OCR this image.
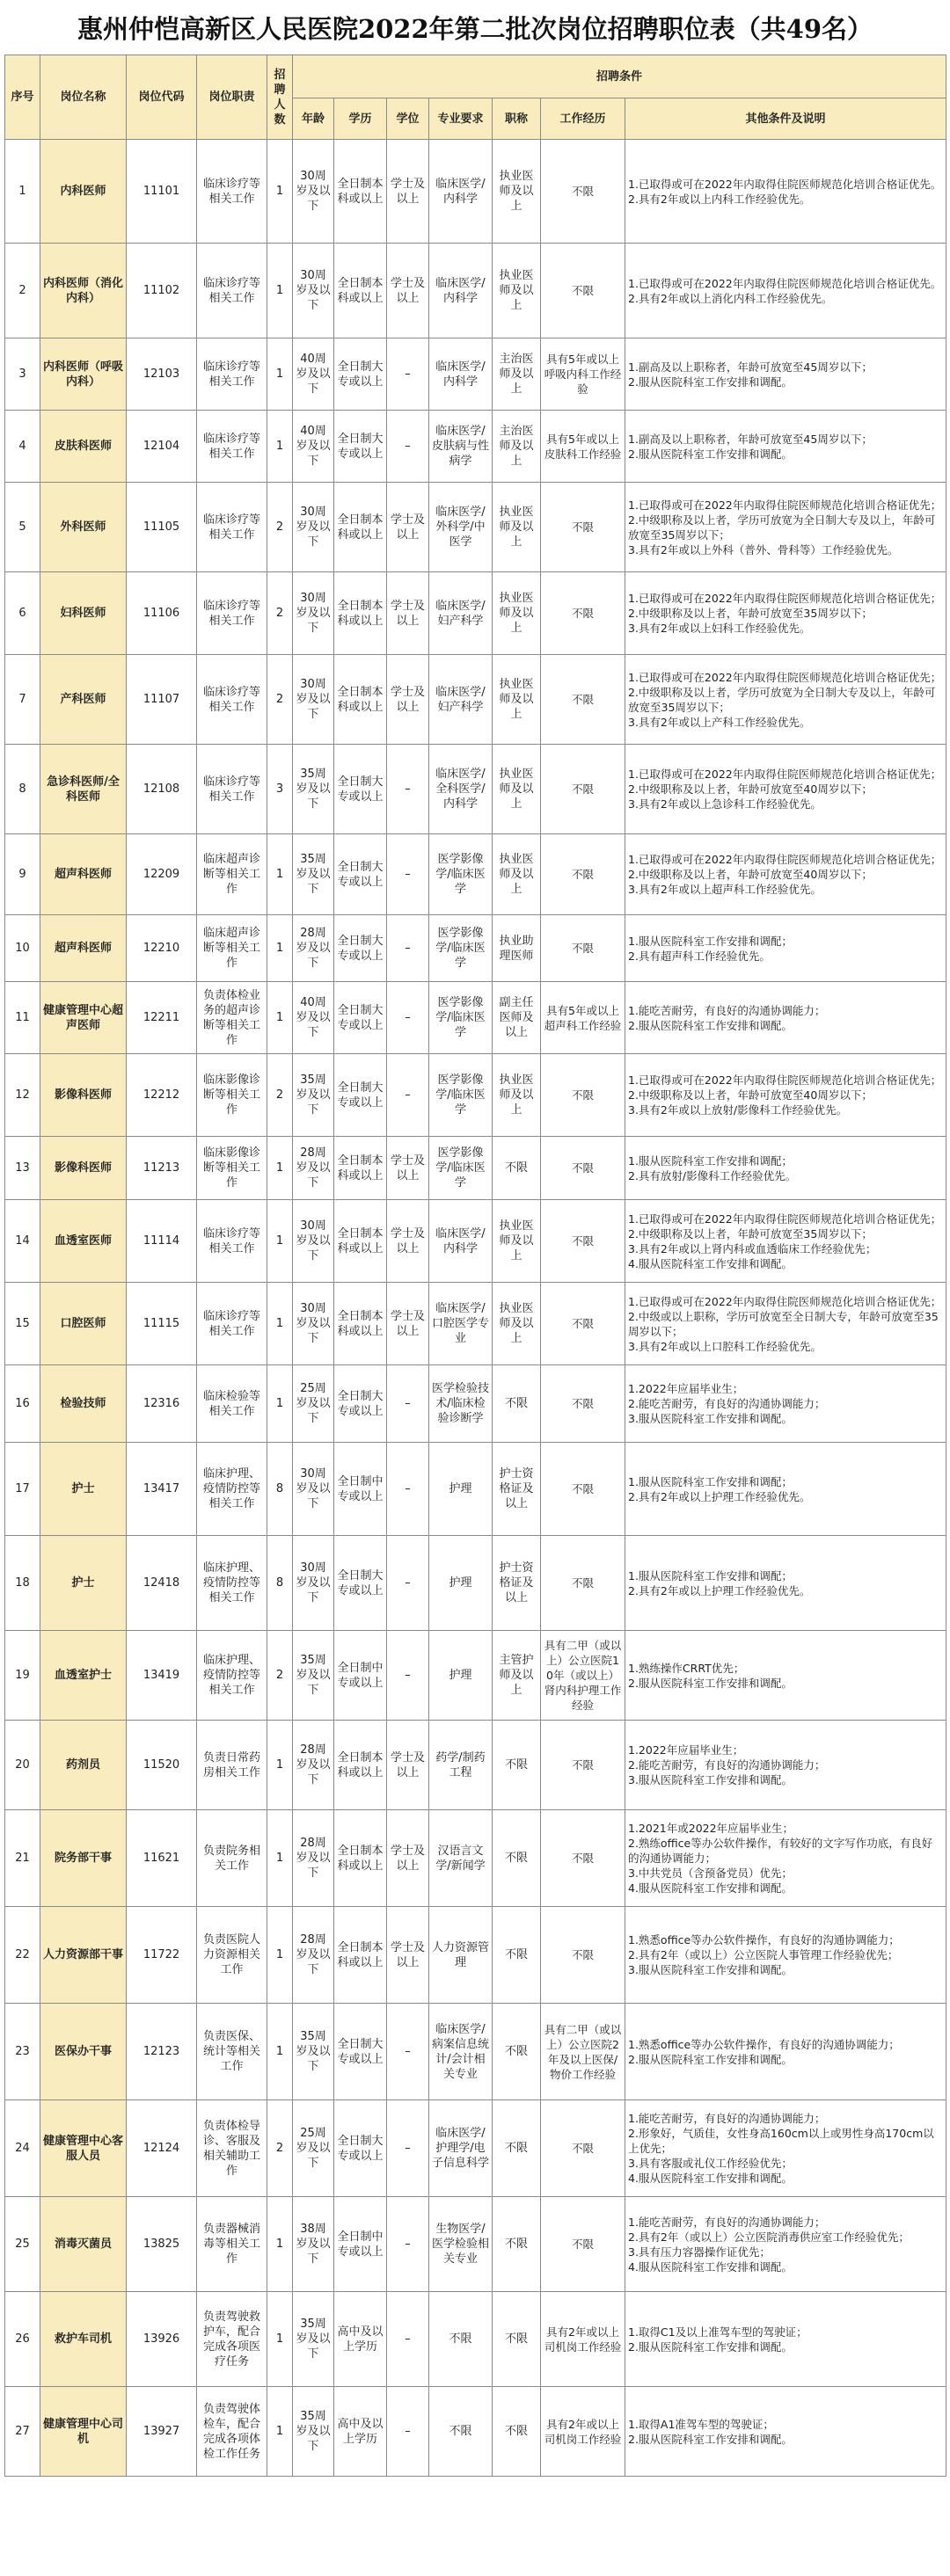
惠州仲恺高新区人民医院2022年第二批次岗位招聘职位表（共49名）
序号	岗位名称	岗位代码	岗位职责	招聘人数	招聘条件						
					年龄	学历	学位	专业要求	职称	工作经历	其他条件及说明
1	内科医师	11101	临床诊疗等相关工作	1	30周岁及以下	全日制本科或以上	学士及以上	临床医学/内科学	执业医师及以上	不限	1.已取得或可在2022年内取得住院医师规范化培训合格证优先。
2.具有2年或以上内科工作经验优先。
2	内科医师（消化内科）	11102	临床诊疗等相关工作	1	30周岁及以下	全日制本科或以上	学士及以上	临床医学/内科学	执业医师及以上	不限	1.已取得或可在2022年内取得住院医师规范化培训合格证优先。
2.具有2年或以上消化内科工作经验优先。
3	内科医师（呼吸内科）	12103	临床诊疗等相关工作	1	40周岁及以下	全日制大专或以上	–	临床医学/内科学	主治医师及以上	具有5年或以上呼吸内科工作经验	1.副高及以上职称者，年龄可放宽至45周岁以下；
2.服从医院科室工作安排和调配。
4	皮肤科医师	12104	临床诊疗等相关工作	1	40周岁及以下	全日制大专或以上	–	临床医学/皮肤病与性病学	主治医师及以上	具有5年或以上皮肤科工作经验	1.副高及以上职称者，年龄可放宽至45周岁以下；
2.服从医院科室工作安排和调配。
5	外科医师	11105	临床诊疗等相关工作	2	30周岁及以下	全日制本科或以上	学士及以上	临床医学/外科学/中医学	执业医师及以上	不限	1.已取得或可在2022年内取得住院医师规范化培训合格证优先；
2.中级职称及以上者，学历可放宽为全日制大专及以上，年龄可放宽至35周岁以下；
3.具有2年或以上外科（普外、骨科等）工作经验优先。
6	妇科医师	11106	临床诊疗等相关工作	2	30周岁及以下	全日制本科或以上	学士及以上	临床医学/妇产科学	执业医师及以上	不限	1.已取得或可在2022年内取得住院医师规范化培训合格证优先；
2.中级职称及以上者，年龄可放宽至35周岁以下；
3.具有2年或以上妇科工作经验优先。
7	产科医师	11107	临床诊疗等相关工作	2	30周岁及以下	全日制本科或以上	学士及以上	临床医学/妇产科学	执业医师及以上	不限	1.已取得或可在2022年内取得住院医师规范化培训合格证优先；
2.中级职称及以上者，学历可放宽为全日制大专及以上，年龄可放宽至35周岁以下；
3.具有2年或以上产科工作经验优先。
8	急诊科医师/全科医师	12108	临床诊疗等相关工作	3	35周岁及以下	全日制大专或以上	–	临床医学/全科医学/内科学	执业医师及以上	不限	1.已取得或可在2022年内取得住院医师规范化培训合格证优先；
2.中级职称及以上者，年龄可放宽至40周岁以下；
3.具有2年或以上急诊科工作经验优先。
9	超声科医师	12209	临床超声诊断等相关工作	1	35周岁及以下	全日制大专或以上	–	医学影像学/临床医学	执业医师及以上	不限	1.已取得或可在2022年内取得住院医师规范化培训合格证优先；
2.中级职称及以上者，年龄可放宽至40周岁以下；
3.具有2年或以上超声科工作经验优先。
10	超声科医师	12210	临床超声诊断等相关工作	1	28周岁及以下	全日制大专或以上	–	医学影像学/临床医学	执业助理医师	不限	1.服从医院科室工作安排和调配；
2.具有超声科工作经验优先。
11	健康管理中心超声医师	12211	负责体检业务的超声诊断等相关工作	1	40周岁及以下	全日制大专或以上	–	医学影像学/临床医学	副主任医师及以上	具有5年或以上超声科工作经验	1.能吃苦耐劳，有良好的沟通协调能力；
2.服从医院科室工作安排和调配。
12	影像科医师	12212	临床影像诊断等相关工作	2	35周岁及以下	全日制大专或以上	–	医学影像学/临床医学	执业医师及以上	不限	1.已取得或可在2022年内取得住院医师规范化培训合格证优先；
2.中级职称及以上者，年龄可放宽至40周岁以下；
3.具有2年或以上放射/影像科工作经验优先。
13	影像科医师	11213	临床影像诊断等相关工作	1	28周岁及以下	全日制本科或以上	学士及以上	医学影像学/临床医学	不限	不限	1.服从医院科室工作安排和调配；
2.具有放射/影像科工作经验优先。
14	血透室医师	11114	临床诊疗等相关工作	1	30周岁及以下	全日制本科或以上	学士及以上	临床医学/内科学	执业医师及以上	不限	1.已取得或可在2022年内取得住院医师规范化培训合格证优先；
2.中级职称及以上者，年龄可放宽至35周岁以下；
3.具有2年或以上肾内科或血透临床工作经验优先；
4.服从医院科室工作安排和调配。
15	口腔医师	11115	临床诊疗等相关工作	1	30周岁及以下	全日制本科或以上	学士及以上	临床医学/口腔医学专业	执业医师及以上	不限	1.已取得或可在2022年内取得住院医师规范化培训合格证优先；
2.中级或以上职称，学历可放宽至全日制大专，年龄可放宽至35周岁以下；
3.具有2年或以上口腔科工作经验优先。
16	检验技师	12316	临床检验等相关工作	1	25周岁及以下	全日制大专或以上	–	医学检验技术/临床检验诊断学	不限	不限	1.2022年应届毕业生；
2.能吃苦耐劳，有良好的沟通协调能力；
3.服从医院科室工作安排和调配。
17	护士	13417	临床护理、疫情防控等相关工作	8	30周岁及以下	全日制中专或以上	–	护理	护士资格证及以上	不限	1.服从医院科室工作安排和调配；
2.具有2年或以上护理工作经验优先。
18	护士	12418	临床护理、疫情防控等相关工作	8	30周岁及以下	全日制大专或以上	–	护理	护士资格证及以上	不限	1.服从医院科室工作安排和调配；
2.具有2年或以上护理工作经验优先。
19	血透室护士	13419	临床护理、疫情防控等相关工作	2	35周岁及以下	全日制中专或以上	–	护理	主管护师及以上	具有二甲（或以上）公立医院10年（或以上）肾内科护理工作经验	1.熟练操作CRRT优先；
2.服从医院科室工作安排和调配。
20	药剂员	11520	负责日常药房相关工作	1	28周岁及以下	全日制本科或以上	学士及以上	药学/制药工程	不限	不限	1.2022年应届毕业生；
2.能吃苦耐劳，有良好的沟通协调能力；
3.服从医院科室工作安排和调配。
21	院务部干事	11621	负责院务相关工作	1	28周岁及以下	全日制本科或以上	学士及以上	汉语言文学/新闻学	不限	不限	1.2021年或2022年应届毕业生；
2.熟练office等办公软件操作，有较好的文字写作功底，有良好的沟通协调能力；
3.中共党员（含预备党员）优先；
4.服从医院科室工作安排和调配。
22	人力资源部干事	11722	负责医院人力资源相关工作	1	28周岁及以下	全日制本科或以上	学士及以上	人力资源管理	不限	不限	1.熟悉office等办公软件操作，有良好的沟通协调能力；
2.具有2年（或以上）公立医院人事管理工作经验优先；
3.服从医院科室工作安排和调配。
23	医保办干事	12123	负责医保、统计等相关工作	1	35周岁及以下	全日制大专或以上	–	临床医学/病案信息统计/会计相关专业	不限	具有二甲（或以上）公立医院2年及以上医保/物价工作经验	1.熟悉office等办公软件操作，有良好的沟通协调能力；
2.服从医院科室工作安排和调配。
24	健康管理中心客服人员	12124	负责体检导诊、客服及相关辅助工作	2	25周岁及以下	全日制大专或以上	–	临床医学/护理学/电子信息科学	不限	不限	1.能吃苦耐劳，有良好的沟通协调能力；
2.形象好，气质佳，女性身高160cm以上或男性身高170cm以上优先；
3.具有客服或礼仪工作经验优先；
4.服从医院科室工作安排和调配。
25	消毒灭菌员	13825	负责器械消毒等相关工作	1	38周岁及以下	全日制中专或以上	–	生物医学/医学检验相关专业	不限	不限	1.能吃苦耐劳，有良好的沟通协调能力；
2.具有2年（或以上）公立医院消毒供应室工作经验优先；
3.具有压力容器操作证优先；
4.服从医院科室工作安排和调配。
26	救护车司机	13926	负责驾驶救护车，配合完成各项医疗任务	1	35周岁及以下	高中及以上学历	–	不限	不限	具有2年或以上司机岗工作经验	1.取得C1及以上准驾车型的驾驶证；
2.服从医院科室工作安排和调配。
27	健康管理中心司机	13927	负责驾驶体检车，配合完成各项体检工作任务	1	35周岁及以下	高中及以上学历	–	不限	不限	具有2年或以上司机岗工作经验	1.取得A1准驾车型的驾驶证；
2.服从医院科室工作安排和调配。
